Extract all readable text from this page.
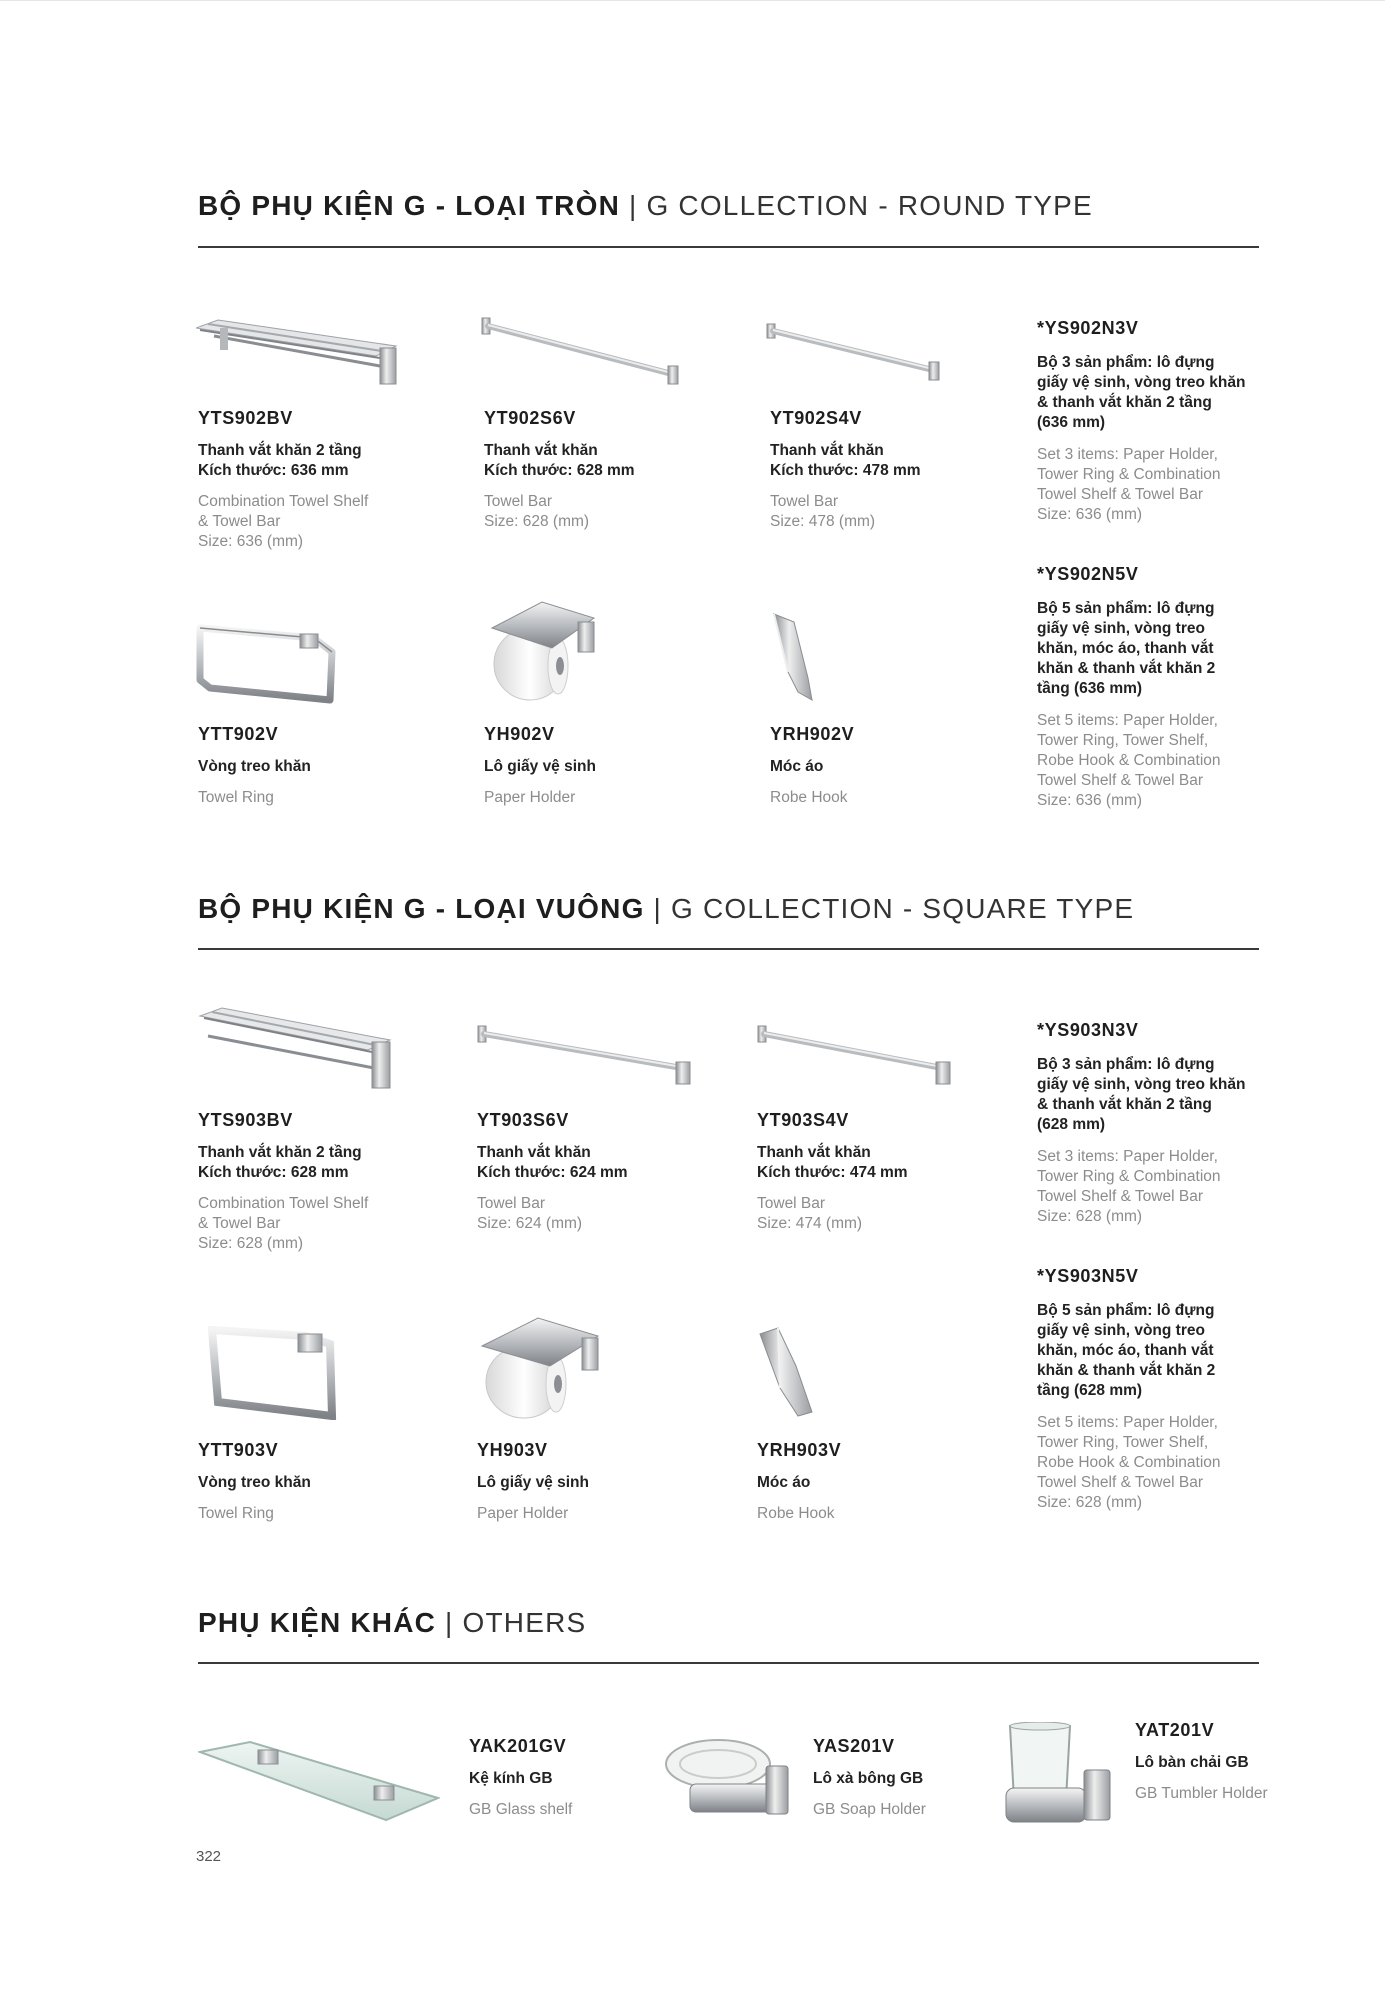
BỘ PHỤ KIỆN G - LOẠI TRÒN | G COLLECTION - ROUND TYPE
YTS902BV
Thanh vắt khăn 2 tầng
Kích thước: 636 mm
Combination Towel Shelf
& Towel Bar
Size: 636 (mm)
YT902S6V
Thanh vắt khăn
Kích thước: 628 mm
Towel Bar
Size: 628 (mm)
YT902S4V
Thanh vắt khăn
Kích thước: 478 mm
Towel Bar
Size: 478 (mm)
*YS902N3V
Bộ 3 sản phẩm: lô đựng
giấy vệ sinh, vòng treo khăn
& thanh vắt khăn 2 tầng
(636 mm)
Set 3 items: Paper Holder,
Tower Ring & Combination
Towel Shelf & Towel Bar
Size: 636 (mm)
*YS902N5V
Bộ 5 sản phẩm: lô đựng
giấy vệ sinh, vòng treo
khăn, móc áo, thanh vắt
khăn & thanh vắt khăn 2
tầng (636 mm)
Set 5 items: Paper Holder,
Tower Ring, Tower Shelf,
Robe Hook & Combination
Towel Shelf & Towel Bar
Size: 636 (mm)
YTT902V
Vòng treo khăn
Towel Ring
YH902V
Lô giấy vệ sinh
Paper Holder
YRH902V
Móc áo
Robe Hook
BỘ PHỤ KIỆN G - LOẠI VUÔNG | G COLLECTION - SQUARE TYPE
YTS903BV
Thanh vắt khăn 2 tầng
Kích thước: 628 mm
Combination Towel Shelf
& Towel Bar
Size: 628 (mm)
YT903S6V
Thanh vắt khăn
Kích thước: 624 mm
Towel Bar
Size: 624 (mm)
YT903S4V
Thanh vắt khăn
Kích thước: 474 mm
Towel Bar
Size: 474 (mm)
*YS903N3V
Bộ 3 sản phẩm: lô đựng
giấy vệ sinh, vòng treo khăn
& thanh vắt khăn 2 tầng
(628 mm)
Set 3 items: Paper Holder,
Tower Ring & Combination
Towel Shelf & Towel Bar
Size: 628 (mm)
*YS903N5V
Bộ 5 sản phẩm: lô đựng
giấy vệ sinh, vòng treo
khăn, móc áo, thanh vắt
khăn & thanh vắt khăn 2
tầng (628 mm)
Set 5 items: Paper Holder,
Tower Ring, Tower Shelf,
Robe Hook & Combination
Towel Shelf & Towel Bar
Size: 628 (mm)
YTT903V
Vòng treo khăn
Towel Ring
YH903V
Lô giấy vệ sinh
Paper Holder
YRH903V
Móc áo
Robe Hook
PHỤ KIỆN KHÁC | OTHERS
YAK201GV
Kệ kính GB
GB Glass shelf
YAS201V
Lô xà bông GB
GB Soap Holder
YAT201V
Lô bàn chải GB
GB Tumbler Holder
322
